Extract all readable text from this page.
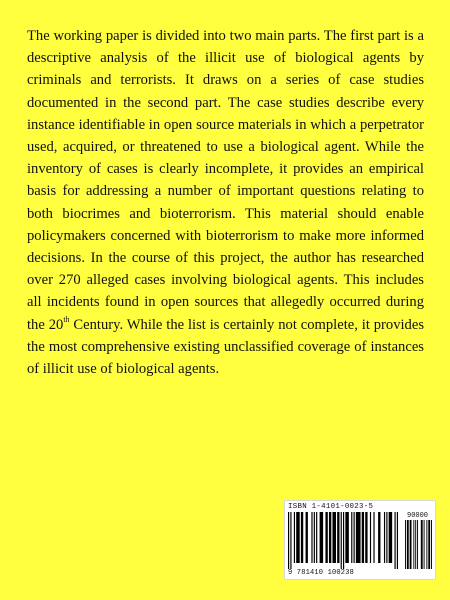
The working paper is divided into two main parts. The first part is a descriptive analysis of the illicit use of biological agents by criminals and terrorists. It draws on a series of case studies documented in the second part. The case studies describe every instance identifiable in open source materials in which a perpetrator used, acquired, or threatened to use a biological agent. While the inventory of cases is clearly incomplete, it provides an empirical basis for addressing a number of important questions relating to both biocrimes and bioterrorism. This material should enable policymakers concerned with bioterrorism to make more informed decisions. In the course of this project, the author has researched over 270 alleged cases involving biological agents. This includes all incidents found in open sources that allegedly occurred during the 20th Century. While the list is certainly not complete, it provides the most comprehensive existing unclassified coverage of instances of illicit use of biological agents.

ISBN 1-4101-0023-5
90000
9 781410 100238
